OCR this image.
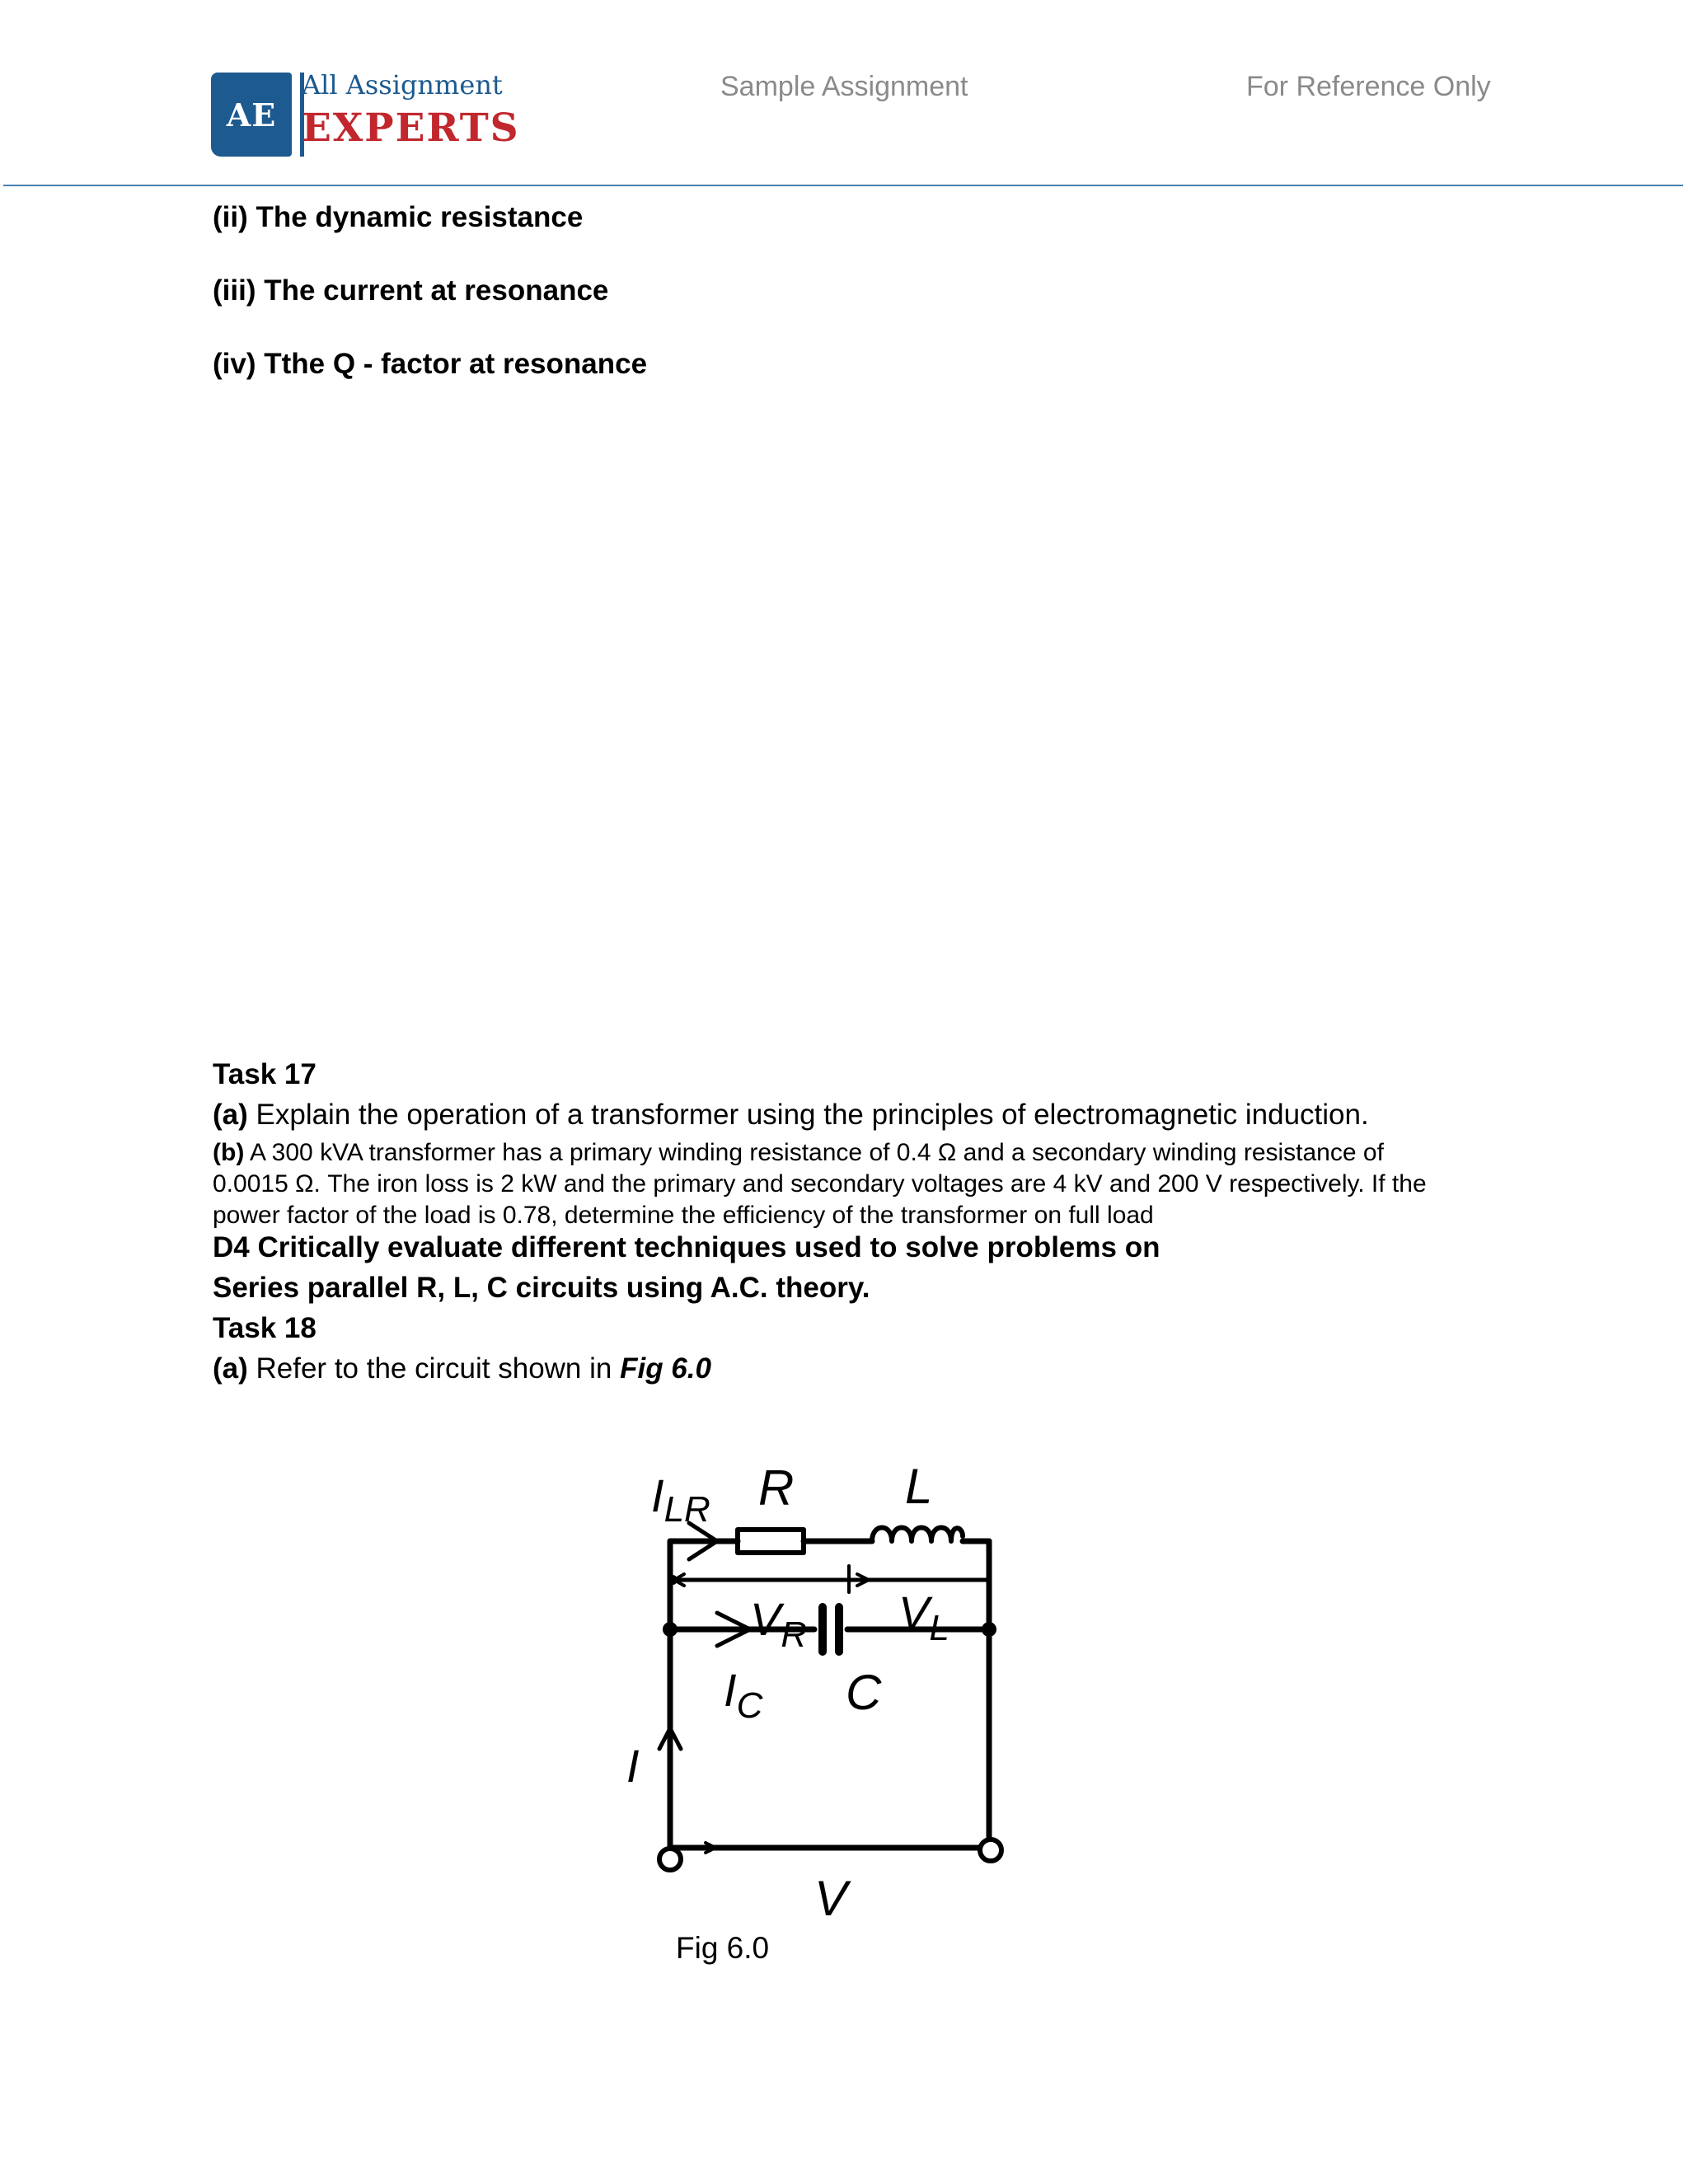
AE
All Assignment
EXPERTS
Sample Assignment	For Reference Only
(ii) The dynamic resistance
(iii) The current at resonance
(iv) Tthe Q - factor at resonance
Task 17
(a) Explain the operation of a transformer using the principles of electromagnetic induction.
(b) A 300 kVA transformer has a primary winding resistance of 0.4 Ω and a secondary winding resistance of
0.0015 Ω. The iron loss is 2 kW and the primary and secondary voltages are 4 kV and 200 V respectively. If the
power factor of the load is 0.78, determine the efficiency of the transformer on full load
D4 Critically evaluate different techniques used to solve problems on
Series parallel R, L, C circuits using A.C. theory.
Task 18
(a) Refer to the circuit shown in Fig 6.0
$I_{LR}$ R L
$V_R$ $V_L$
$I_C$ C
I
V
Fig 6.0
